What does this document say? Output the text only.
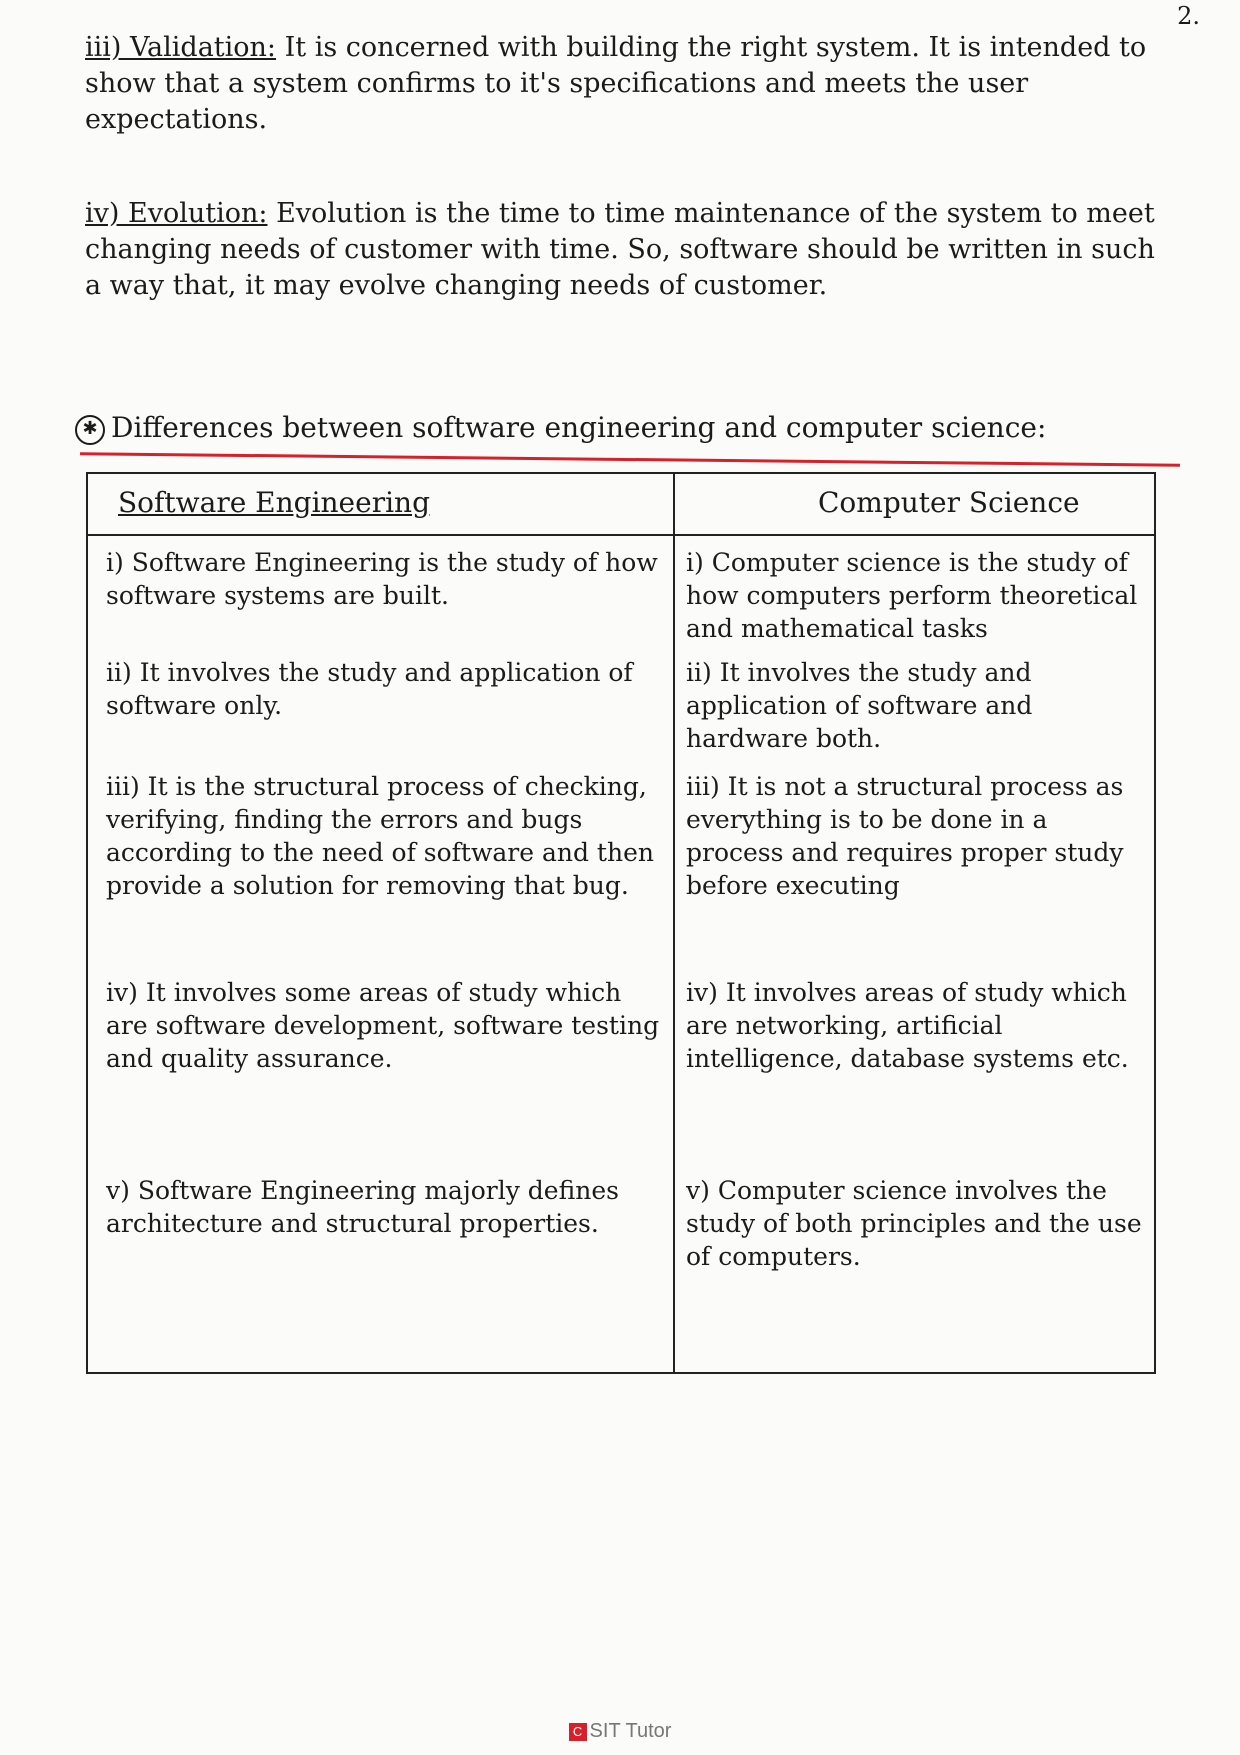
2.
iii) Validation: It is concerned with building the right system. It is intended to show that a system confirms to it's specifications and meets the user expectations.
iv) Evolution: Evolution is the time to time maintenance of the system to meet changing needs of customer with time. So, software should be written in such a way that, it may evolve changing needs of customer.
✱ Differences between software engineering and computer science:
Software Engineering	Computer Science
i) Software Engineering is the study of how software systems are built.
i) Computer science is the study of how computers perform theoretical and mathematical tasks
ii) It involves the study and application of software only.
ii) It involves the study and application of software and hardware both.
iii) It is the structural process of checking, verifying, finding the errors and bugs according to the need of software and then provide a solution for removing that bug.
iii) It is not a structural process as everything is to be done in a process and requires proper study before executing
iv) It involves some areas of study which are software development, software testing and quality assurance.
iv) It involves areas of study which are networking, artificial intelligence, database systems etc.
v) Software Engineering majorly defines architecture and structural properties.
v) Computer science involves the study of both principles and the use of computers.
C SIT Tutor
